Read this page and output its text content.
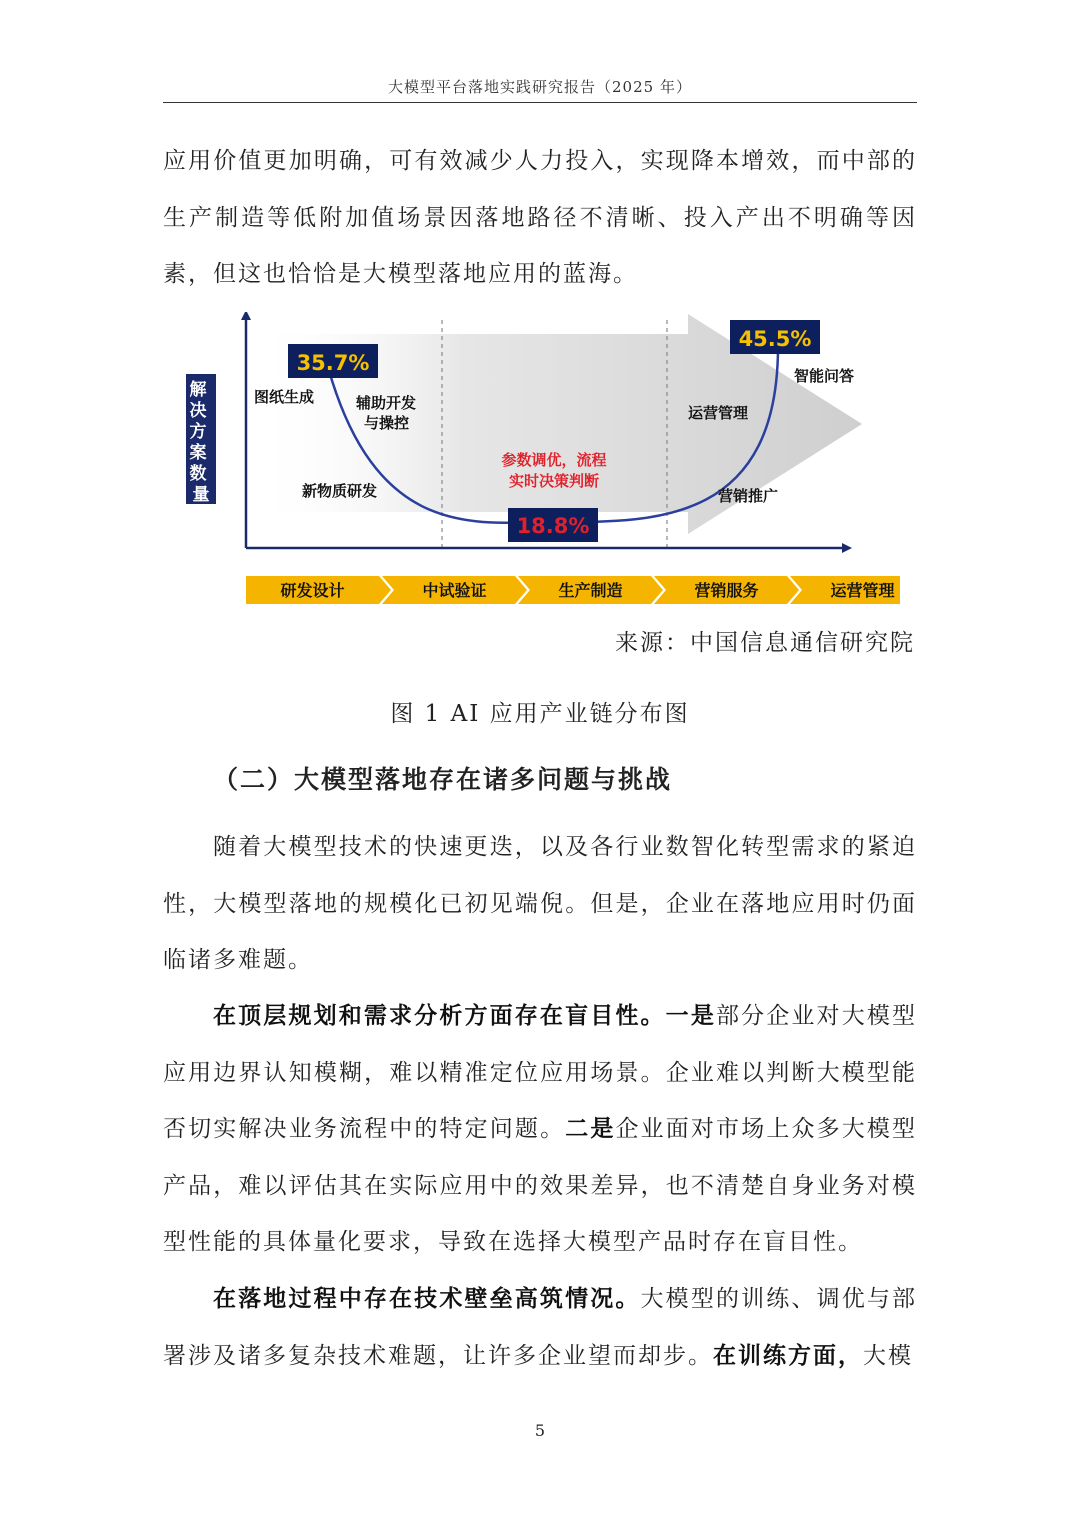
大模型平台落地实践研究报告（2025 年）

应用价值更加明确，可有效减少人力投入，实现降本增效，而中部的生产制造等低附加值场景因落地路径不清晰、投入产出不明确等因素，但这也恰恰是大模型落地应用的蓝海。

解 决 方 案 数 量
35.7%
18.8%
45.5%
图纸生成	辅助开发
与操控
新物质研发
运营管理
智能问答
营销推广
参数调优，流程
实时决策判断
研发设计	中试验证	生产制造	营销服务	运营管理
来源：中国信息通信研究院
图 1 AI 应用产业链分布图
（二）大模型落地存在诸多问题与挑战

随着大模型技术的快速更迭，以及各行业数智化转型需求的紧迫性，大模型落地的规模化已初见端倪。但是，企业在落地应用时仍面临诸多难题。

在顶层规划和需求分析方面存在盲目性。一是部分企业对大模型应用边界认知模糊，难以精准定位应用场景。企业难以判断大模型能否切实解决业务流程中的特定问题。二是企业面对市场上众多大模型产品，难以评估其在实际应用中的效果差异，也不清楚自身业务对模型性能的具体量化要求，导致在选择大模型产品时存在盲目性。

在落地过程中存在技术壁垒高筑情况。大模型的训练、调优与部署涉及诸多复杂技术难题，让许多企业望而却步。在训练方面，大模

5
